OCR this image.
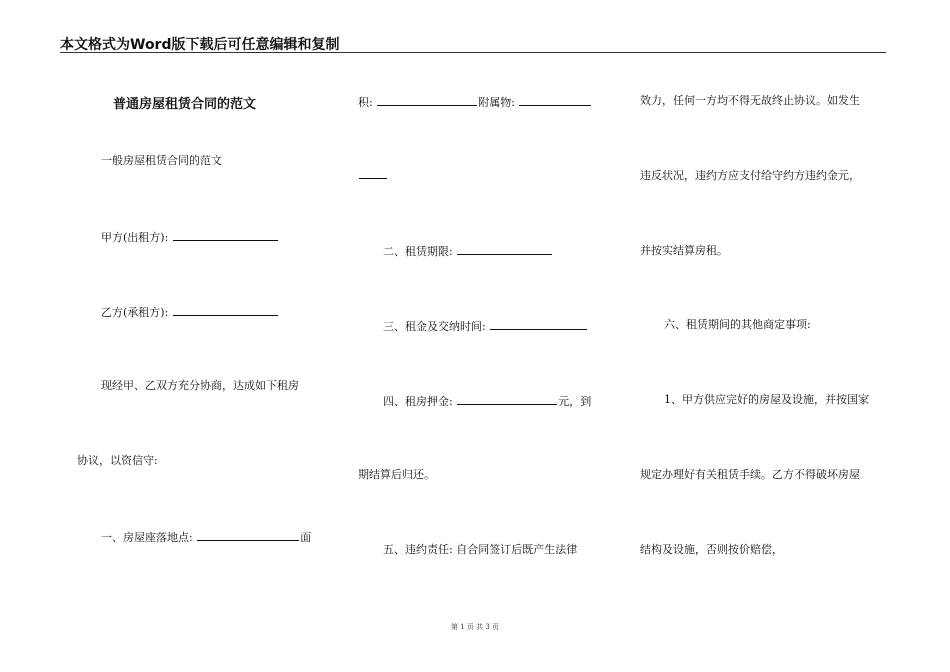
本文格式为Word版下载后可任意编辑和复制
普通房屋租赁合同的范文
一般房屋租赁合同的范文
甲方(出租方):
乙方(承租方):
现经甲、乙双方充分协商，达成如下租房
协议，以资信守:
一、房屋座落地点:	面
积:	附属物:
二、租赁期限:
三、租金及交纳时间:
四、租房押金:	元，到
期结算后归还。
五、违约责任: 自合同签订后既产生法律
效力，任何一方均不得无故终止协议。如发生
违反状况，违约方应支付给守约方违约金元，
并按实结算房租。
六、租赁期间的其他商定事项:
1、甲方供应完好的房屋及设施，并按国家
规定办理好有关租赁手续。乙方不得破坏房屋
结构及设施，否则按价赔偿，
第 1 页 共 3 页
